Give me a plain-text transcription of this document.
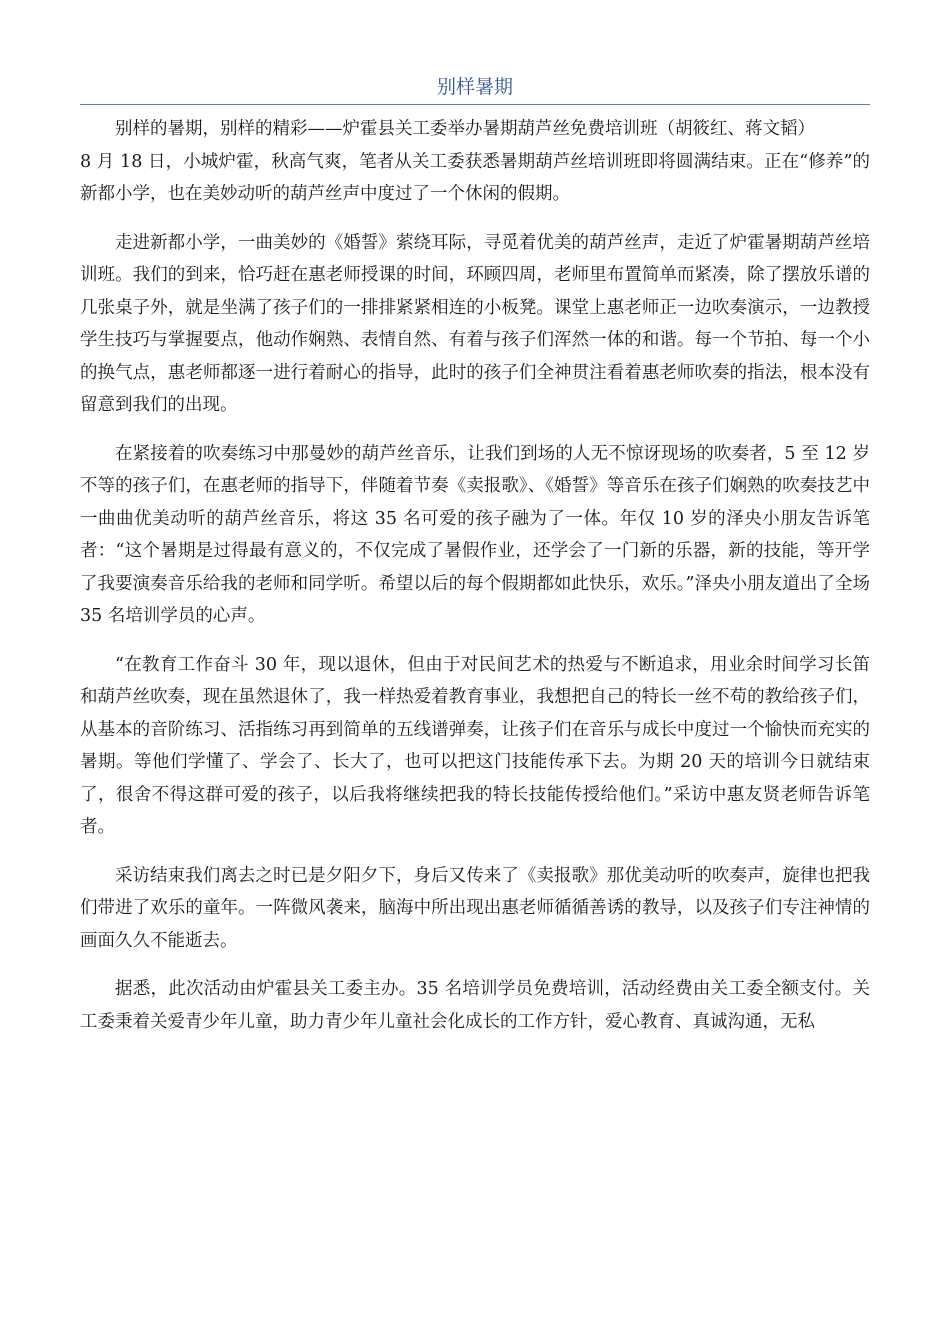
别样暑期

别样的暑期，别样的精彩——炉霍县关工委举办暑期葫芦丝免费培训班（胡筱红、蒋文韬）

8 月 18 日，小城炉霍，秋高气爽，笔者从关工委获悉暑期葫芦丝培训班即将圆满结束。正在“修养”的新都小学，也在美妙动听的葫芦丝声中度过了一个休闲的假期。

走进新都小学，一曲美妙的《婚誓》萦绕耳际，寻觅着优美的葫芦丝声，走近了炉霍暑期葫芦丝培训班。我们的到来，恰巧赶在惠老师授课的时间，环顾四周，老师里布置简单而紧凑，除了摆放乐谱的几张桌子外，就是坐满了孩子们的一排排紧紧相连的小板凳。课堂上惠老师正一边吹奏演示，一边教授学生技巧与掌握要点，他动作娴熟、表情自然、有着与孩子们浑然一体的和谐。每一个节拍、每一个小的换气点，惠老师都逐一进行着耐心的指导，此时的孩子们全神贯注看着惠老师吹奏的指法，根本没有留意到我们的出现。

在紧接着的吹奏练习中那曼妙的葫芦丝音乐，让我们到场的人无不惊讶现场的吹奏者，5 至 12 岁不等的孩子们，在惠老师的指导下，伴随着节奏《卖报歌》、《婚誓》等音乐在孩子们娴熟的吹奏技艺中一曲曲优美动听的葫芦丝音乐，将这 35 名可爱的孩子融为了一体。年仅 10 岁的泽央小朋友告诉笔者：“这个暑期是过得最有意义的，不仅完成了暑假作业，还学会了一门新的乐器，新的技能，等开学了我要演奏音乐给我的老师和同学听。希望以后的每个假期都如此快乐，欢乐。”泽央小朋友道出了全场 35 名培训学员的心声。

“在教育工作奋斗 30 年，现以退休，但由于对民间艺术的热爱与不断追求，用业余时间学习长笛和葫芦丝吹奏，现在虽然退休了，我一样热爱着教育事业，我想把自己的特长一丝不苟的教给孩子们，从基本的音阶练习、活指练习再到简单的五线谱弹奏，让孩子们在音乐与成长中度过一个愉快而充实的暑期。等他们学懂了、学会了、长大了，也可以把这门技能传承下去。为期 20 天的培训今日就结束了，很舍不得这群可爱的孩子，以后我将继续把我的特长技能传授给他们。”采访中惠友贤老师告诉笔者。

采访结束我们离去之时已是夕阳夕下，身后又传来了《卖报歌》那优美动听的吹奏声，旋律也把我们带进了欢乐的童年。一阵微风袭来，脑海中所出现出惠老师循循善诱的教导，以及孩子们专注神情的画面久久不能逝去。

据悉，此次活动由炉霍县关工委主办。35 名培训学员免费培训，活动经费由关工委全额支付。关工委秉着关爱青少年儿童，助力青少年儿童社会化成长的工作方针，爱心教育、真诚沟通，无私
